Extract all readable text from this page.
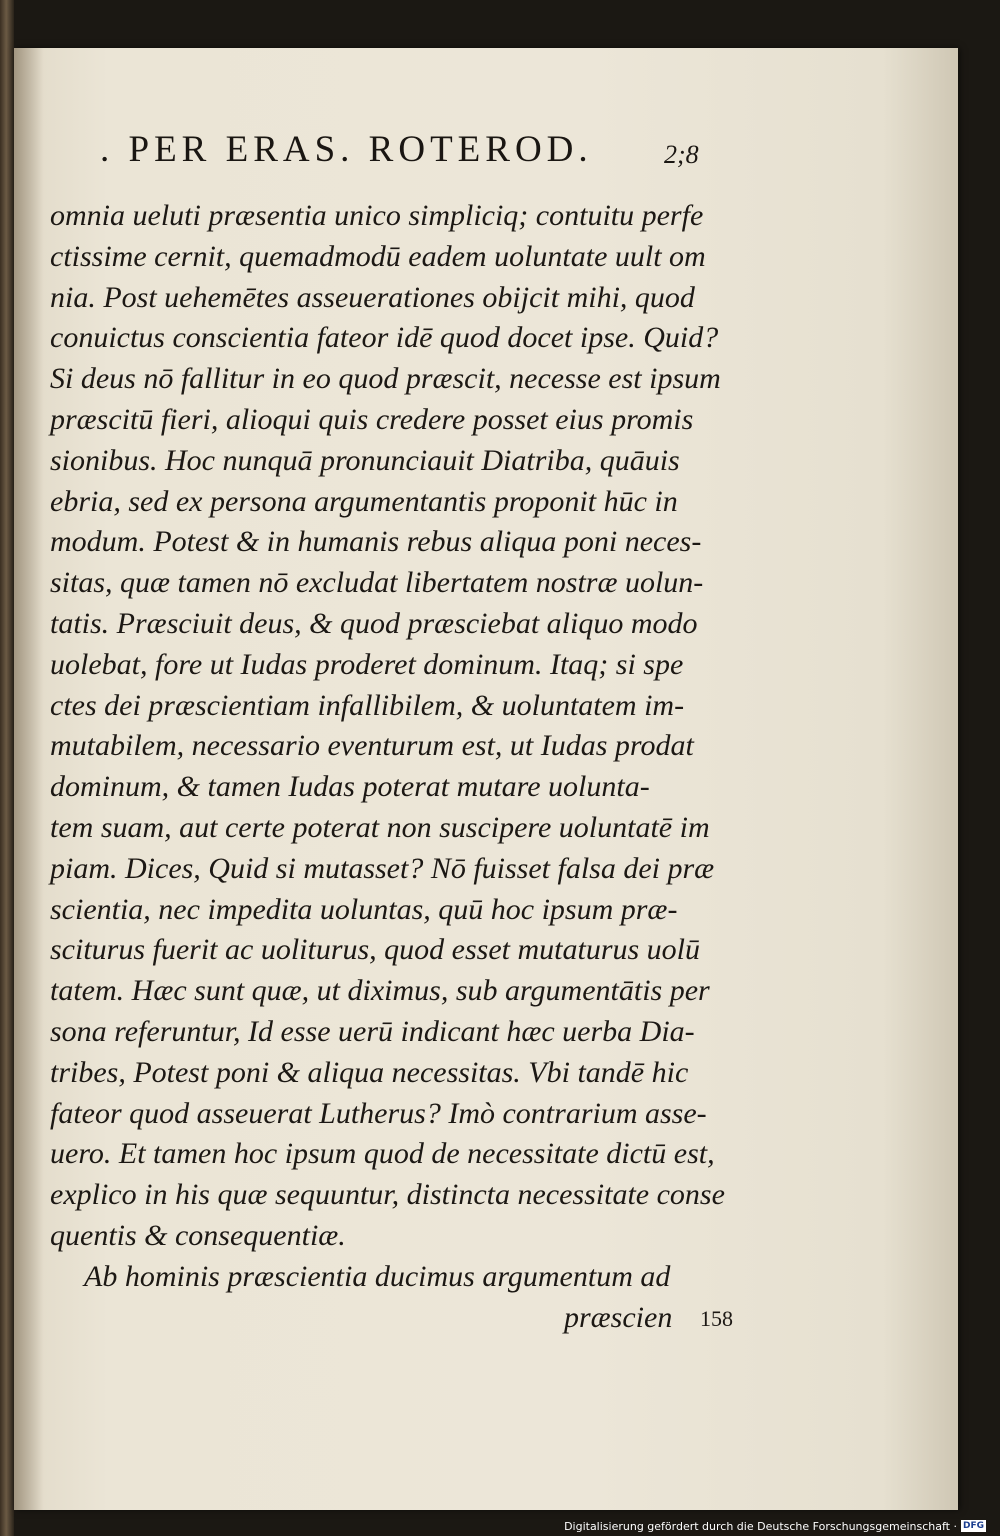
. PER ERAS. ROTEROD.	2;8
omnia ueluti præsentia unico simpliciq; contuitu perfe
ctissime cernit, quemadmodū eadem uoluntate uult om
nia. Post uehemētes asseuerationes obijcit mihi, quod
conuictus conscientia fateor idē quod docet ipse. Quid?
Si deus nō fallitur in eo quod præscit, necesse est ipsum
præscitū fieri, alioqui quis credere posset eius promis
sionibus. Hoc nunquā pronunciauit Diatriba, quāuis
ebria, sed ex persona argumentantis proponit hūc in
modum. Potest & in humanis rebus aliqua poni neces-
sitas, quæ tamen nō excludat libertatem nostræ uolun-
tatis. Præsciuit deus, & quod præsciebat aliquo modo
uolebat, fore ut Iudas proderet dominum. Itaq; si spe
ctes dei præscientiam infallibilem, & uoluntatem im-
mutabilem, necessario eventurum est, ut Iudas prodat
dominum, & tamen Iudas poterat mutare uolunta-
tem suam, aut certe poterat non suscipere uoluntatē im
piam. Dices, Quid si mutasset? Nō fuisset falsa dei præ
scientia, nec impedita uoluntas, quū hoc ipsum præ-
sciturus fuerit ac uoliturus, quod esset mutaturus uolū
tatem. Hæc sunt quæ, ut diximus, sub argumentātis per
sona referuntur, Id esse uerū indicant hæc uerba Dia-
tribes, Potest poni & aliqua necessitas. Vbi tandē hic
fateor quod asseuerat Lutherus? Imò contrarium asse-
uero. Et tamen hoc ipsum quod de necessitate dictū est,
explico in his quæ sequuntur, distincta necessitate conse
quentis & consequentiæ.
Ab hominis præscientia ducimus argumentum ad
præscien	158
Digitalisierung gefördert durch die Deutsche Forschungsgemeinschaft · DFG
